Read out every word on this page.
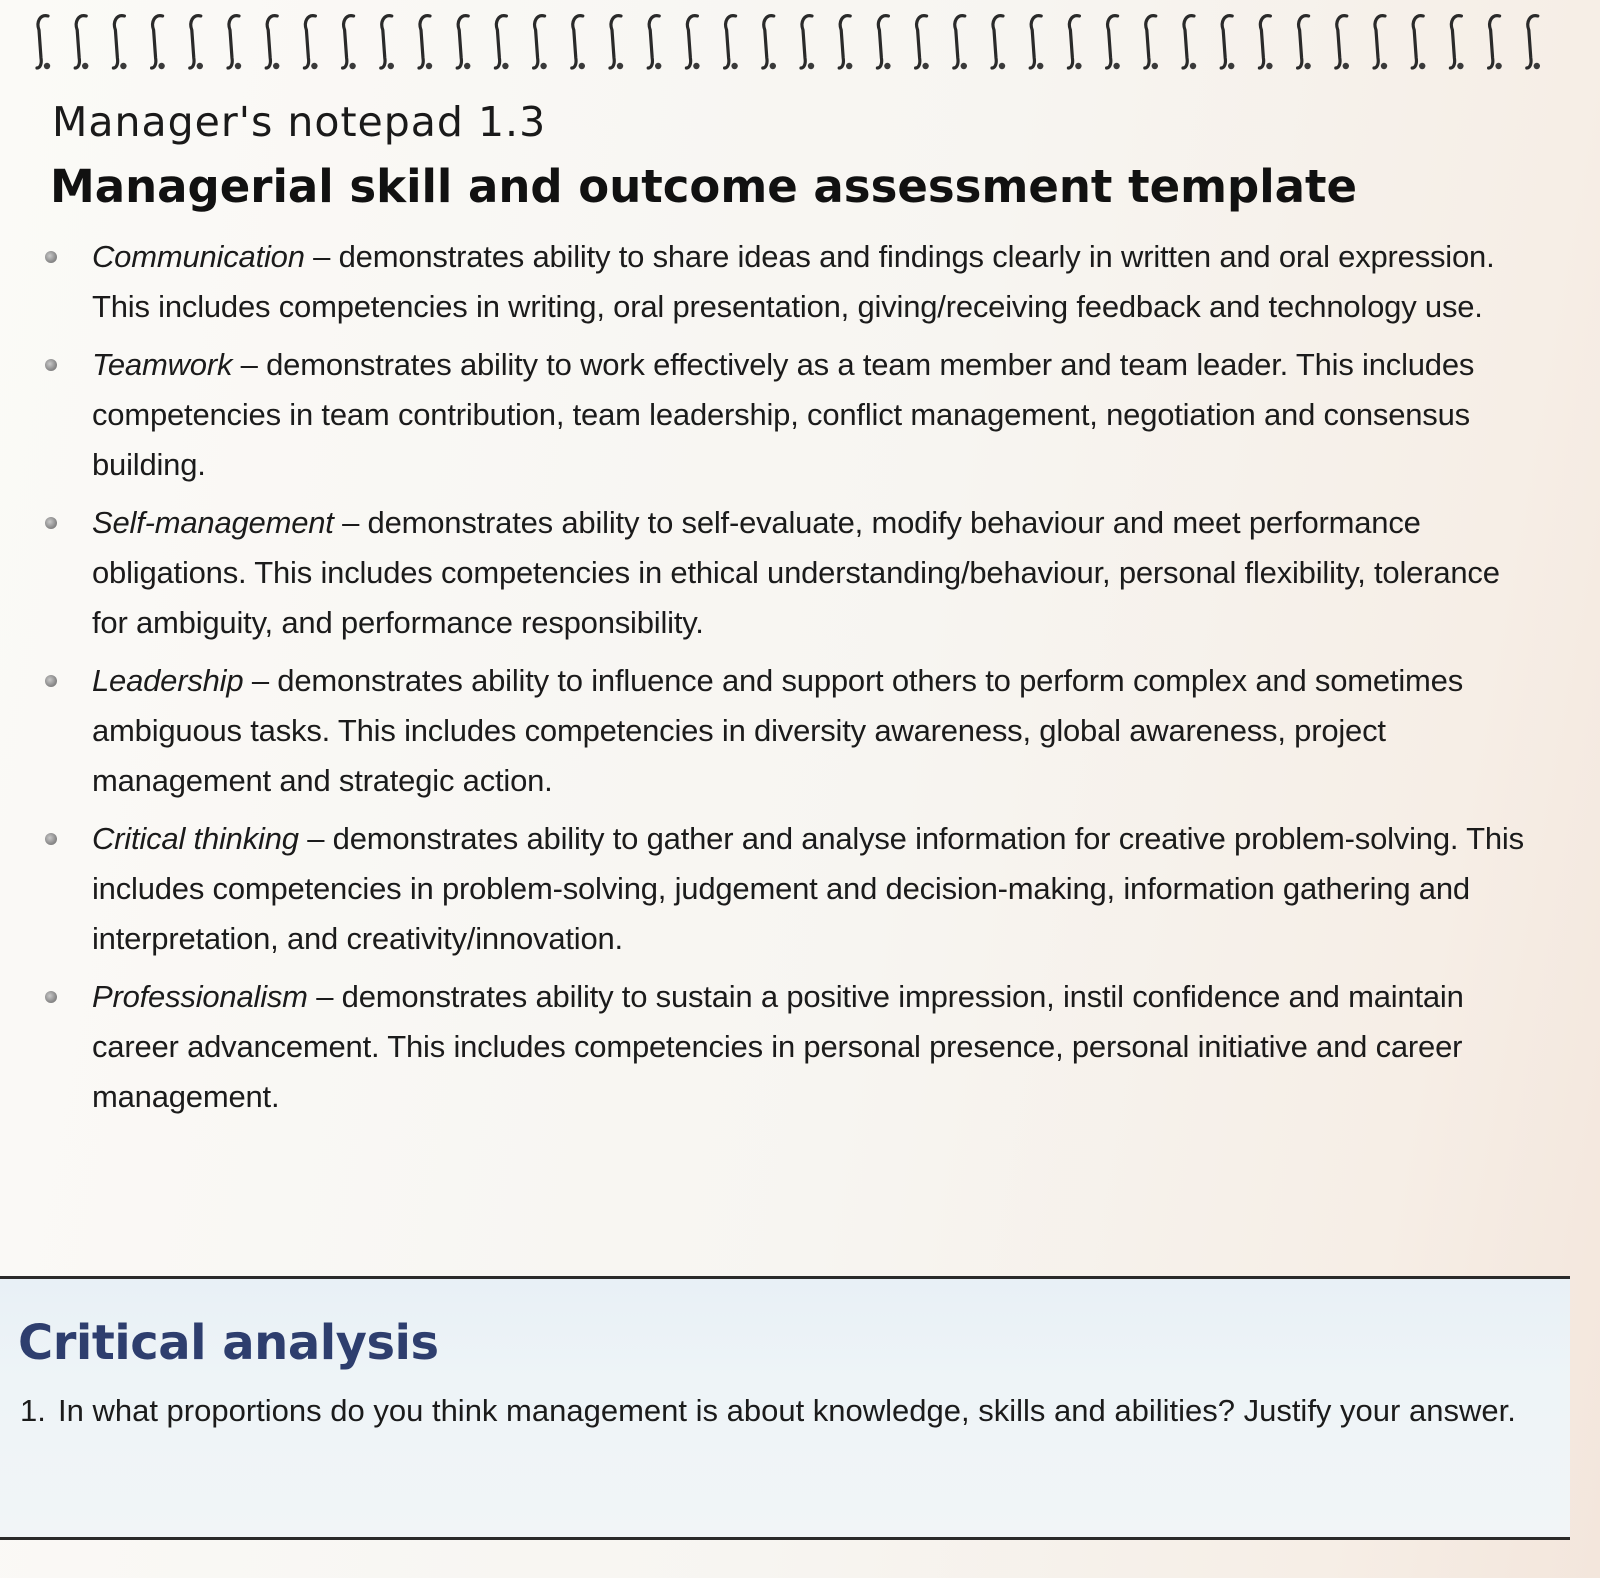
Manager's notepad 1.3
Managerial skill and outcome assessment template
Communication – demonstrates ability to share ideas and findings clearly in written and oral expression. This includes competencies in writing, oral presentation, giving/receiving feedback and technology use.
Teamwork – demonstrates ability to work effectively as a team member and team leader. This includes competencies in team contribution, team leadership, conflict management, negotiation and consensus building.
Self-management – demonstrates ability to self-evaluate, modify behaviour and meet performance obligations. This includes competencies in ethical understanding/behaviour, personal flexibility, tolerance for ambiguity, and performance responsibility.
Leadership – demonstrates ability to influence and support others to perform complex and sometimes ambiguous tasks. This includes competencies in diversity awareness, global awareness, project management and strategic action.
Critical thinking – demonstrates ability to gather and analyse information for creative problem-solving. This includes competencies in problem-solving, judgement and decision-making, information gathering and interpretation, and creativity/innovation.
Professionalism – demonstrates ability to sustain a positive impression, instil confidence and maintain career advancement. This includes competencies in personal presence, personal initiative and career management.
Critical analysis
1. In what proportions do you think management is about knowledge, skills and abilities? Justify your answer.
